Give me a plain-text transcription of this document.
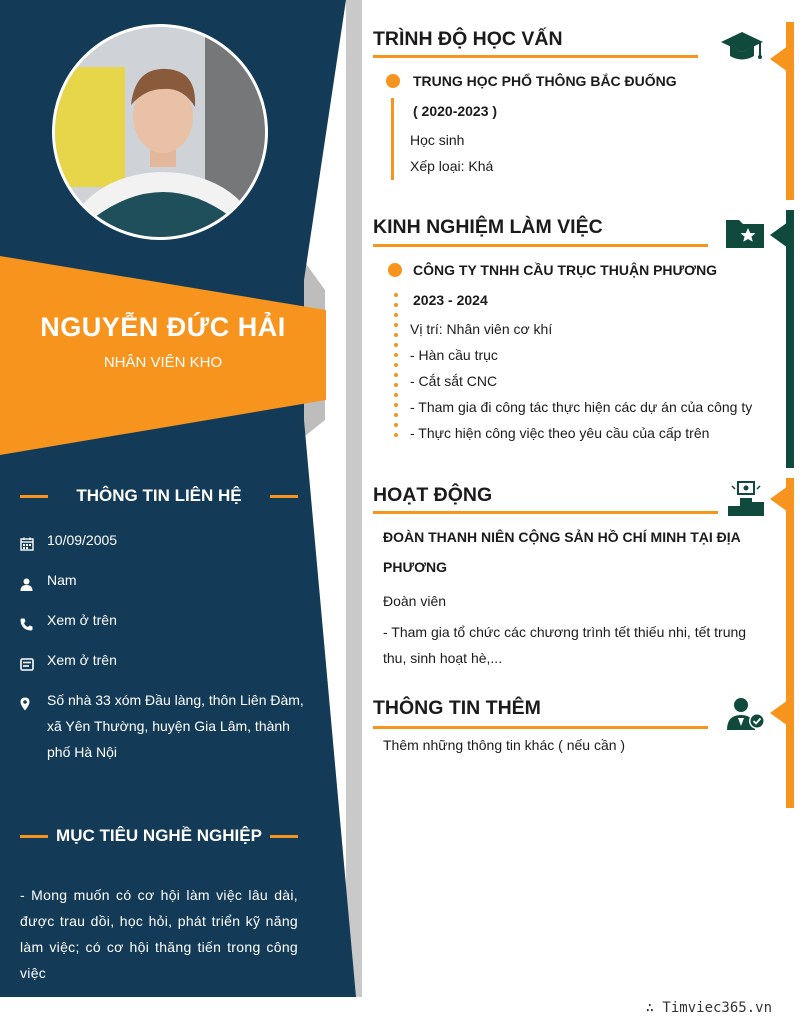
NGUYỄN ĐỨC HẢI
NHÂN VIÊN KHO
THÔNG TIN LIÊN HỆ
10/09/2005
Nam
Xem ở trên
Xem ở trên
Số nhà 33 xóm Đầu làng, thôn Liên Đàm, xã Yên Thường, huyện Gia Lâm, thành phố Hà Nội
MỤC TIÊU NGHỀ NGHIỆP
- Mong muốn có cơ hội làm việc lâu dài, được trau dồi, học hỏi, phát triển kỹ năng làm việc; có cơ hội thăng tiến trong công việc
TRÌNH ĐỘ HỌC VẤN
TRUNG HỌC PHỔ THÔNG BẮC ĐUỐNG
( 2020-2023 )
Học sinh
Xếp loại: Khá
KINH NGHIỆM LÀM VIỆC
CÔNG TY TNHH CẦU TRỤC THUẬN PHƯƠNG
2023 - 2024
Vị trí: Nhân viên cơ khí
- Hàn cầu trục
- Cắt sắt CNC
- Tham gia đi công tác thực hiện các dự án của công ty
- Thực hiện công việc theo yêu cầu của cấp trên
HOẠT ĐỘNG
ĐOÀN THANH NIÊN CỘNG SẢN HỒ CHÍ MINH TẠI ĐỊA PHƯƠNG
Đoàn viên
- Tham gia tổ chức các chương trình tết thiếu nhi, tết trung thu, sinh hoạt hè,...
THÔNG TIN THÊM
Thêm những thông tin khác ( nếu cần )
∴ Timviec365.vn
